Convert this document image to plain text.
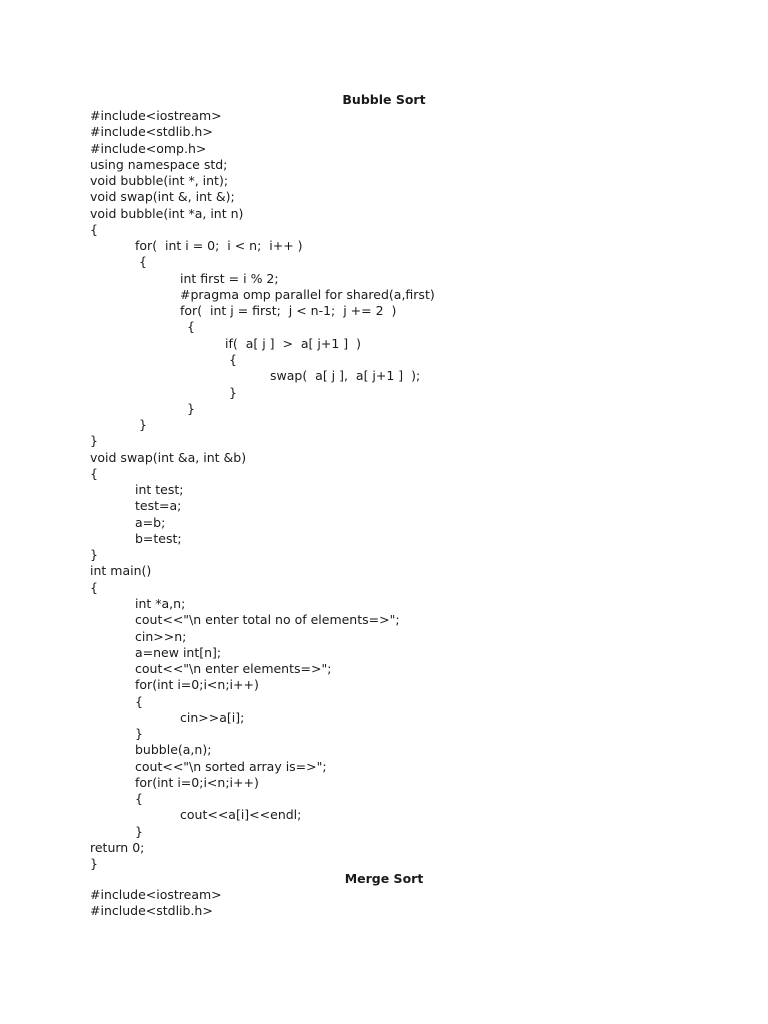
Bubble Sort
#include<iostream>
#include<stdlib.h>
#include<omp.h>
using namespace std;
void bubble(int *, int);
void swap(int &, int &);
void bubble(int *a, int n)
{
for(  int i = 0;  i < n;  i++ )
{
int first = i % 2;
#pragma omp parallel for shared(a,first)
for(  int j = first;  j < n-1;  j += 2  )
{
if(  a[ j ]  >  a[ j+1 ]  )
{
swap(  a[ j ],  a[ j+1 ]  );
}
}
}
}
void swap(int &a, int &b)
{
int test;
test=a;
a=b;
b=test;
}
int main()
{
int *a,n;
cout<<"\n enter total no of elements=>";
cin>>n;
a=new int[n];
cout<<"\n enter elements=>";
for(int i=0;i<n;i++)
{
cin>>a[i];
}
bubble(a,n);
cout<<"\n sorted array is=>";
for(int i=0;i<n;i++)
{
cout<<a[i]<<endl;
}
return 0;
}
Merge Sort
#include<iostream>
#include<stdlib.h>
